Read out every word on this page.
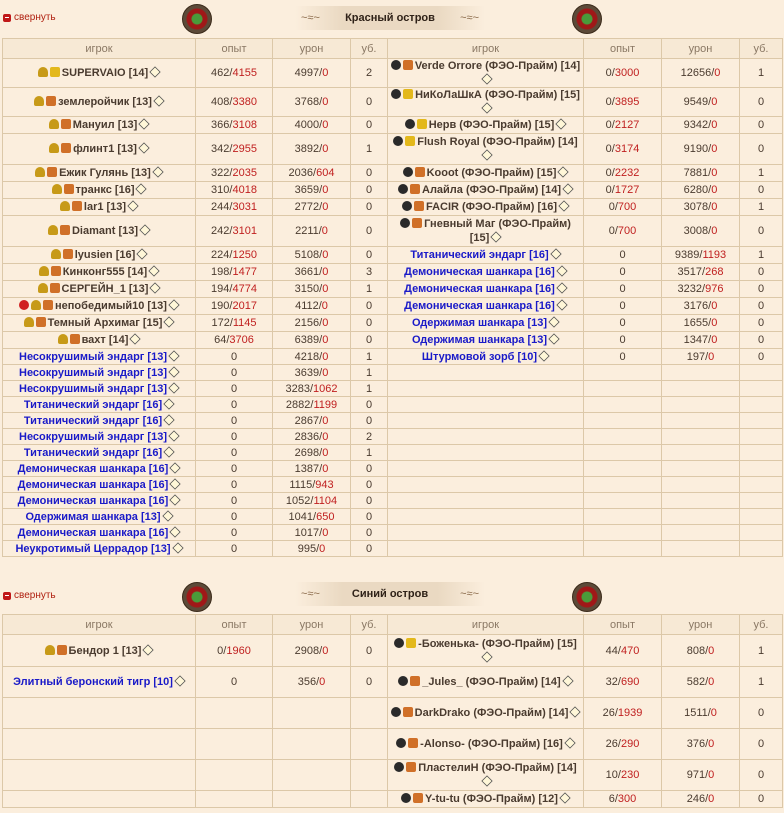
свернуть	~≈~ Красный остров ~≈~
игрок	опыт	урон	уб.	игрок	опыт	урон	уб.
SUPERVAIO [14]	462/4155	4997/0	2	Verde Orrore (ФЭО-Прайм) [14]	0/3000	12656/0	1
землеройчик [13]	408/3380	3768/0	0	НиКоЛаШкА (ФЭО-Прайм) [15]	0/3895	9549/0	0
Мануил [13]	366/3108	4000/0	0	Нерв (ФЭО-Прайм) [15]	0/2127	9342/0	0
флинт1 [13]	342/2955	3892/0	1	Flush Royal (ФЭО-Прайм) [14]	0/3174	9190/0	0
Ежик Гулянь [13]	322/2035	2036/604	0	Kooot (ФЭО-Прайм) [15]	0/2232	7881/0	1
транкс [16]	310/4018	3659/0	0	Алайла (ФЭО-Прайм) [14]	0/1727	6280/0	0
lar1 [13]	244/3031	2772/0	0	FACIR (ФЭО-Прайм) [16]	0/700	3078/0	1
Diamant [13]	242/3101	2211/0	0	Гневный Маг (ФЭО-Прайм) [15]	0/700	3008/0	0
lyusien [16]	224/1250	5108/0	0	Титанический эндарг [16]	0	9389/1193	1
Кинконг555 [14]	198/1477	3661/0	3	Демоническая шанкара [16]	0	3517/268	0
СЕРГЕЙН_1 [13]	194/4774	3150/0	1	Демоническая шанкара [16]	0	3232/976	0
непобедимый10 [13]	190/2017	4112/0	0	Демоническая шанкара [16]	0	3176/0	0
Темный Архимаг [15]	172/1145	2156/0	0	Одержимая шанкара [13]	0	1655/0	0
вахт [14]	64/3706	6389/0	0	Одержимая шанкара [13]	0	1347/0	0
Несокрушимый эндарг [13]	0	4218/0	1	Штурмовой зорб [10]	0	197/0	0
Несокрушимый эндарг [13]	0	3639/0	1				
Несокрушимый эндарг [13]	0	3283/1062	1				
Титанический эндарг [16]	0	2882/1199	0				
Титанический эндарг [16]	0	2867/0	0				
Несокрушимый эндарг [13]	0	2836/0	2				
Титанический эндарг [16]	0	2698/0	1				
Демоническая шанкара [16]	0	1387/0	0				
Демоническая шанкара [16]	0	1115/943	0				
Демоническая шанкара [16]	0	1052/1104	0				
Одержимая шанкара [13]	0	1041/650	0				
Демоническая шанкара [16]	0	1017/0	0				
Неукротимый Церрадор [13]	0	995/0	0				
свернуть	~≈~ Синий остров ~≈~
игрок	опыт	урон	уб.	игрок	опыт	урон	уб.
Бендор 1 [13]	0/1960	2908/0	0	-Боженька- (ФЭО-Прайм) [15]	44/470	808/0	1
Элитный беронский тигр [10]	0	356/0	0	_Jules_ (ФЭО-Прайм) [14]	32/690	582/0	1
				DarkDrako (ФЭО-Прайм) [14]	26/1939	1511/0	0
				-Alonso- (ФЭО-Прайм) [16]	26/290	376/0	0
				ПластелиН (ФЭО-Прайм) [14]	10/230	971/0	0
				Y-tu-tu (ФЭО-Прайм) [12]	6/300	246/0	0
